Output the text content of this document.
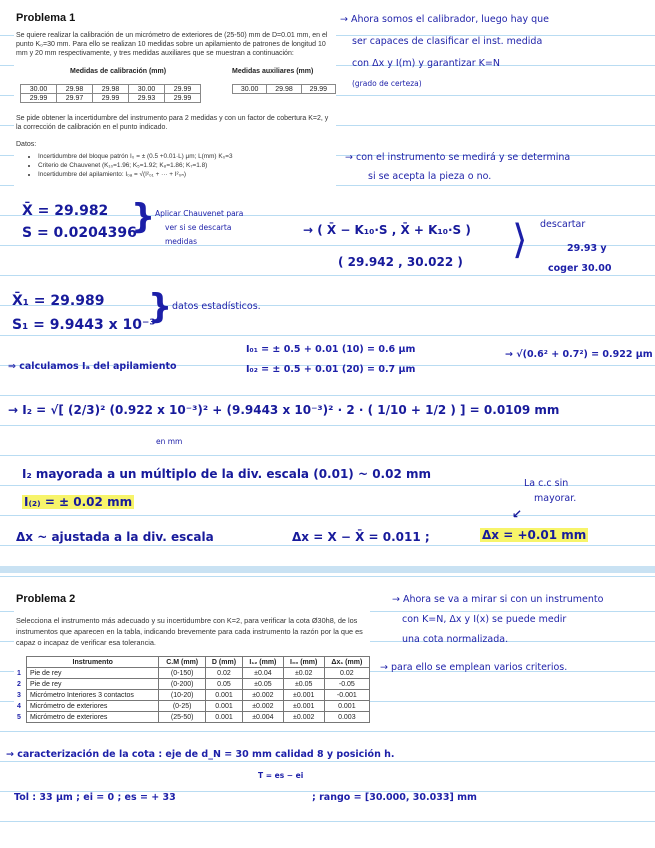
Problema 1
Se quiere realizar la calibración de un micrómetro de exteriores de (25-50) mm de D=0.01 mm, en el punto K₀=30 mm. Para ello se realizan 10 medidas sobre un apilamiento de patrones de longitud 10 mm y 20 mm respectivamente, y tres medidas auxiliares que se muestran a continuación:
Medidas de calibración (mm)	Medidas auxiliares (mm)
30.00	29.98	29.98	30.00	29.99
29.99	29.97	29.99	29.93	29.99
30.00	29.98	29.99
Se pide obtener la incertidumbre del instrumento para 2 medidas y con un factor de cobertura K=2, y la corrección de calibración en el punto indicado.
Datos:
• Incertidumbre del bloque patrón I₀ = ± (0.5 +0.01·L) μm; L(mm) K₀=3
• Criterio de Chauvenet (K₁₀=1.96; K₅=1.92; K₈=1.86; K₇=1.8)
• Incertidumbre del apilamiento: I₀ₐ = √(I²₀₁ + ··· + I²₀ₙ)
→ Ahora somos el calibrador, luego hay que
ser capaces de clasificar el inst. medida
con Δx y I(m) y garantizar K=N
(grado de certeza)
→ con el instrumento se medirá y se determina
si se acepta la pieza o no.
X̄ = 29.982
S = 0.0204396
} Aplicar Chauvenet para
ver si se descarta
medidas
→ ( X̄ − K₁₀·S , X̄ + K₁₀·S )
( 29.942 , 30.022 ) ⟩ descartar
29.93 y
coger 30.00
X̄₁ = 29.989
S₁ = 9.9443 x 10⁻³
} datos estadísticos.
⇒ calculamos Iₐ del apilamiento
I₀₁ = ± 0.5 + 0.01 (10) = 0.6 μm
I₀₂ = ± 0.5 + 0.01 (20) = 0.7 μm
→ √(0.6² + 0.7²) = 0.922 μm
→ I₂ = √[ (2/3)² (0.922 x 10⁻³)² + (9.9443 x 10⁻³)² · 2 · ( 1/10 + 1/2 ) ] = 0.0109 mm
en mm
I₂ mayorada a un múltiplo de la div. escala (0.01) ~ 0.02 mm
I₍₂₎ = ± 0.02 mm
La c.c sin
mayorar.
↙
Δx ~ ajustada a la div. escala	Δx = X − X̄ = 0.011 ;	Δx = +0.01 mm
Problema 2
Selecciona el instrumento más adecuado y su incertidumbre con K=2, para verificar la cota Ø30h8, de los instrumentos que aparecen en la tabla, indicando brevemente para cada instrumento la razón por la que es capaz o incapaz de verificar esa tolerancia.
	Instrumento	C.M (mm)	D (mm)	I₁₂ (mm)	I₀₀ (mm)	Δx₁ (mm)
1	Pie de rey	(0-150)	0.02	±0.04	±0.02	0.02
2	Pie de rey	(0-200)	0.05	±0.05	±0.05	-0.05
3	Micrómetro Interiores 3 contactos	(10-20)	0.001	±0.002	±0.001	-0.001
4	Micrómetro de exteriores	(0-25)	0.001	±0.002	±0.001	0.001
5	Micrómetro de exteriores	(25-50)	0.001	±0.004	±0.002	0.003
→ Ahora se va a mirar si con un instrumento
con K=N, Δx y I(x) se puede medir
una cota normalizada.
→ para ello se emplean varios criterios.
→ caracterización de la cota : eje de d_N = 30 mm calidad 8 y posición h.
T = es − ei
Tol : 33 μm ; ei = 0 ; es = + 33	; rango = [30.000, 30.033] mm
